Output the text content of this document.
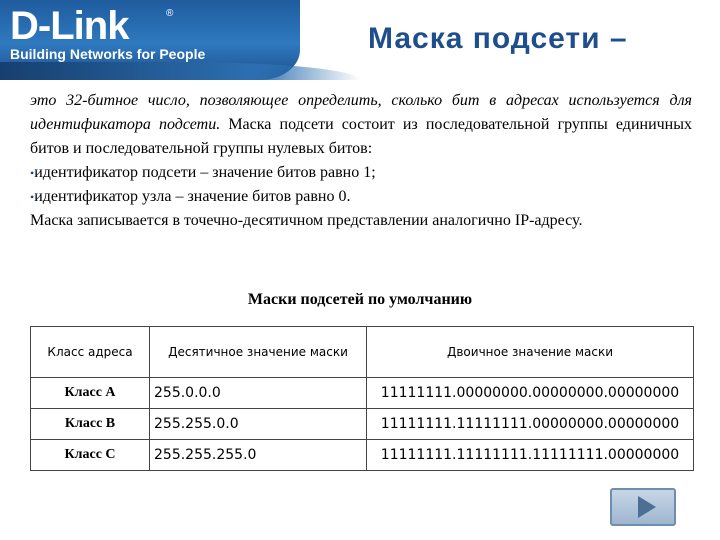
D-Link	®
Building Networks for People	Маска подсети –

это 32-битное число, позволяющее определить, сколько бит в адресах используется для идентификатора подсети. Маска подсети состоит из последовательной группы единичных битов и последовательной группы нулевых битов:

•идентификатор подсети – значение битов равно 1;

•идентификатор узла – значение битов равно 0.

Маска записывается в точечно-десятичном представлении аналогично IP-адресу.

Маски подсетей по умолчанию
Класс адреса	Десятичное значение маски	Двоичное значение маски
Класс A	255.0.0.0	11111111.00000000.00000000.00000000
Класс B	255.255.0.0	11111111.11111111.00000000.00000000
Класс C	255.255.255.0	11111111.11111111.11111111.00000000
